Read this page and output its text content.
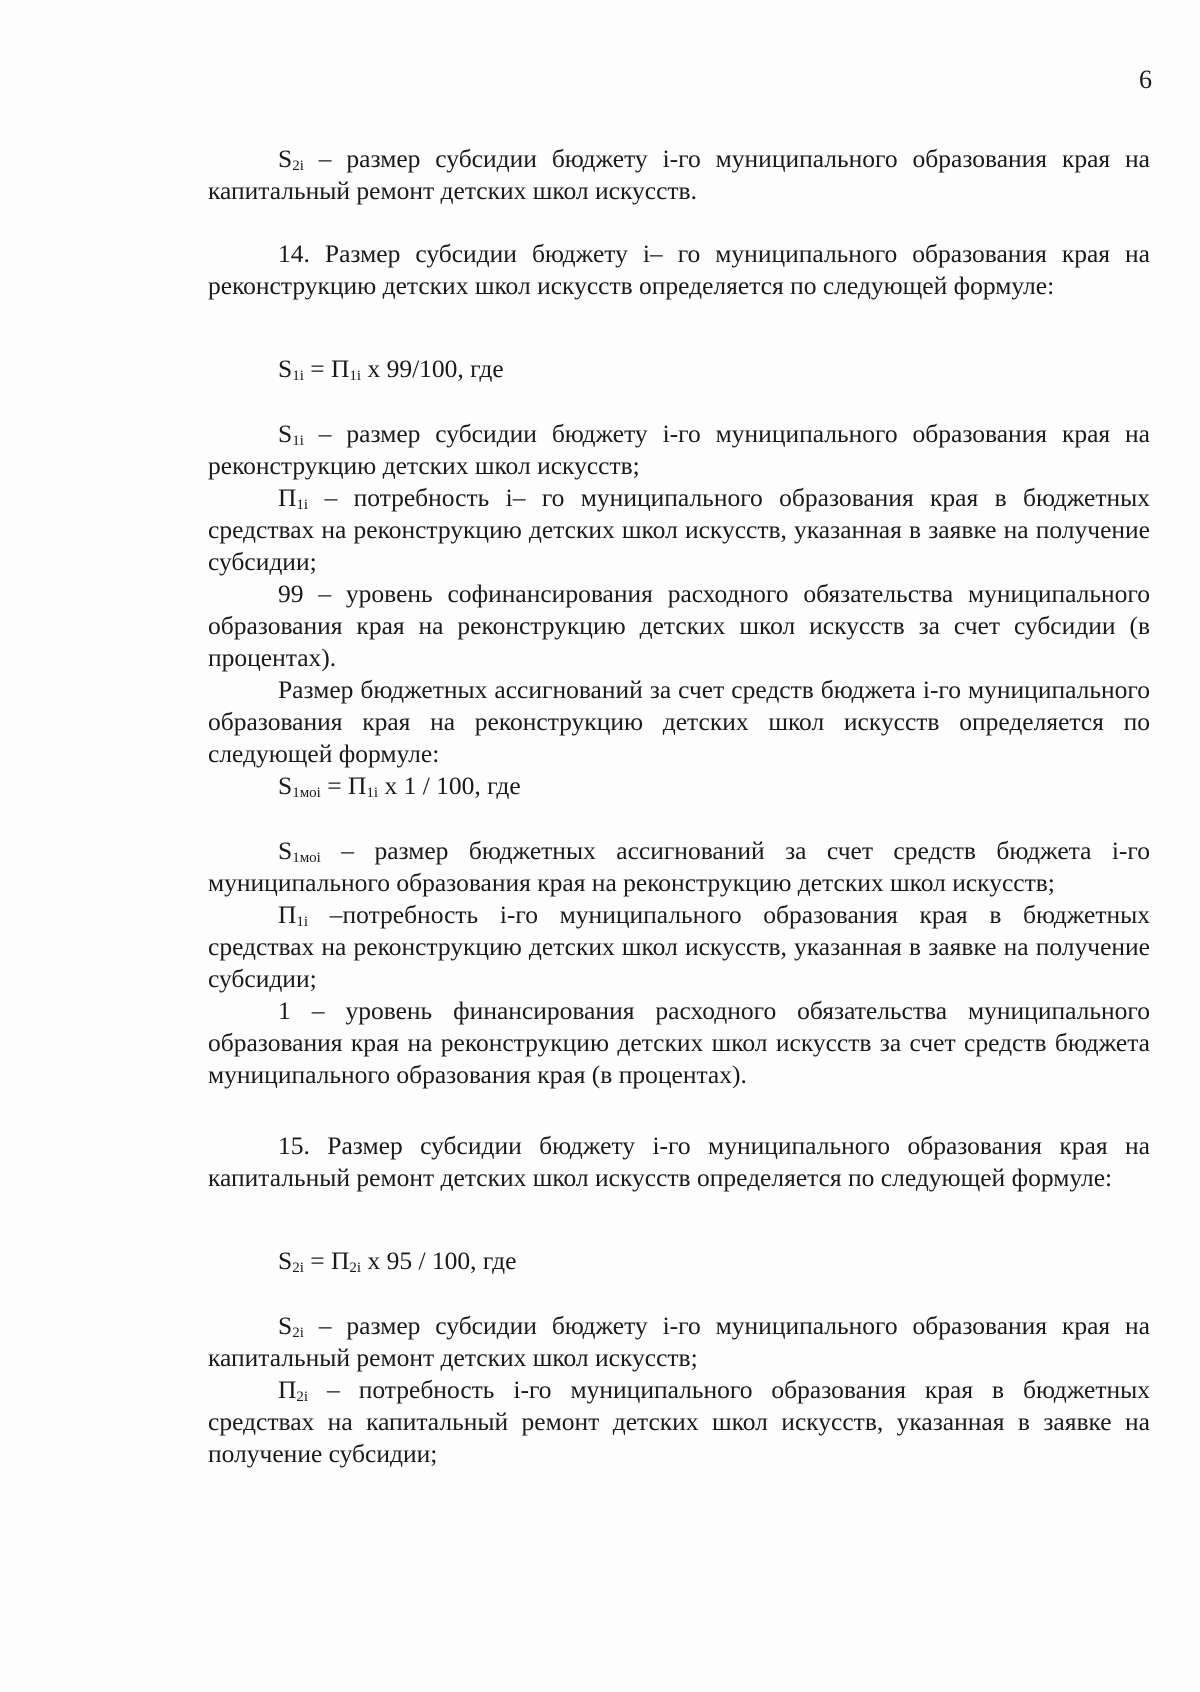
6

$S_{2i}$ – размер субсидии бюджету i-го муниципального образования края на капитальный ремонт детских школ искусств.

14. Размер субсидии бюджету i– го муниципального образования края на реконструкцию детских школ искусств определяется по следующей формуле:

$S_{1i} = П_{1i}$ х 99/100, где

$S_{1i}$ – размер субсидии бюджету i-го муниципального образования края на реконструкцию детских школ искусств;

$П_{1i}$ – потребность i– го муниципального образования края в бюджетных средствах на реконструкцию детских школ искусств, указанная в заявке на получение субсидии;

99 – уровень софинансирования расходного обязательства муниципального образования края на реконструкцию детских школ искусств за счет субсидии (в процентах).

Размер бюджетных ассигнований за счет средств бюджета i-го муниципального образования края на реконструкцию детских школ искусств определяется по следующей формуле:

$S_{1мoi} = П_{1i}$ х 1 / 100, где

$S_{1мoi}$ – размер бюджетных ассигнований за счет средств бюджета i-го муниципального образования края на реконструкцию детских школ искусств;

$П_{1i}$ –потребность i-го муниципального образования края в бюджетных средствах на реконструкцию детских школ искусств, указанная в заявке на получение субсидии;

1 – уровень финансирования расходного обязательства муниципального образования края на реконструкцию детских школ искусств за счет средств бюджета муниципального образования края (в процентах).

15. Размер субсидии бюджету i-го муниципального образования края на капитальный ремонт детских школ искусств определяется по следующей формуле:

$S_{2i} = П_{2i}$ х 95 / 100, где

$S_{2i}$ – размер субсидии бюджету i-го муниципального образования края на капитальный ремонт детских школ искусств;

$П_{2i}$ – потребность i-го муниципального образования края в бюджетных средствах на капитальный ремонт детских школ искусств, указанная в заявке на получение субсидии;
